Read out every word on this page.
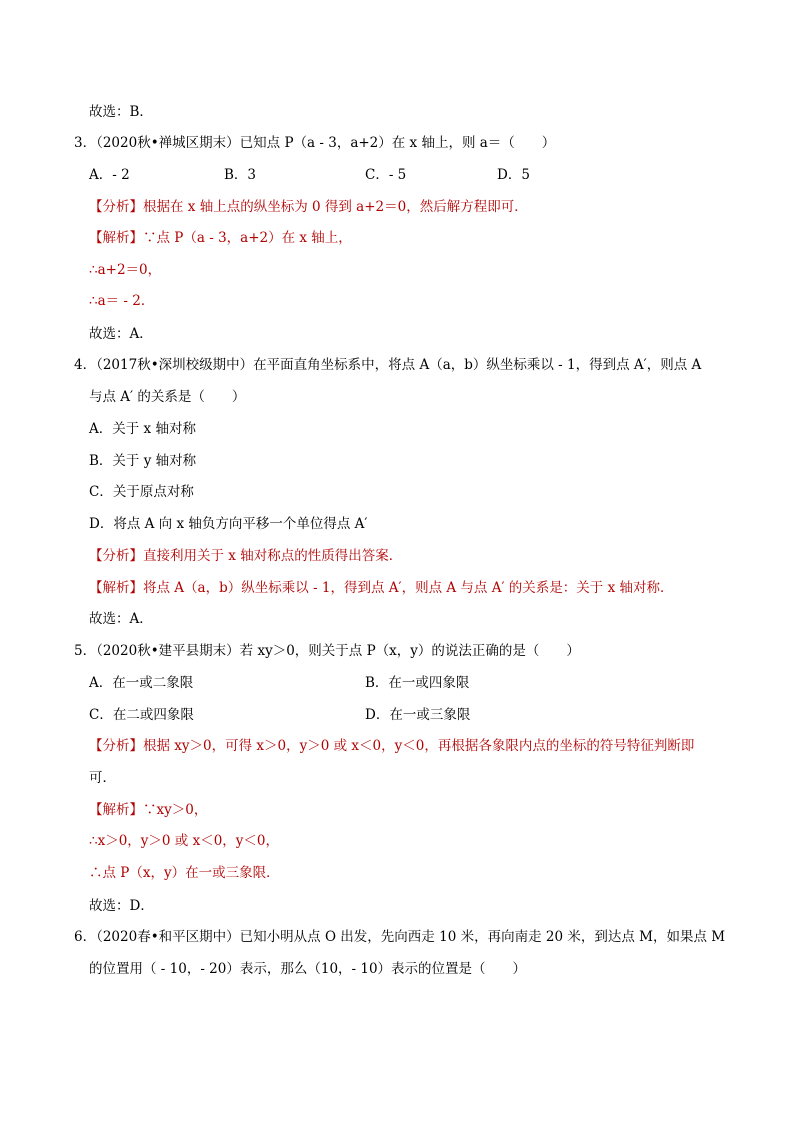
故选：B．
3．（2020秋•禅城区期末）已知点 P（a - 3，a+2）在 x 轴上，则 a＝（　　）
A．- 2	B．3	C．- 5	D．5
【分析】根据在 x 轴上点的纵坐标为 0 得到 a+2＝0，然后解方程即可．
【解析】∵点 P（a - 3，a+2）在 x 轴上，
∴a+2＝0，
∴a＝ - 2．
故选：A．
4．（2017秋•深圳校级期中）在平面直角坐标系中，将点 A（a，b）纵坐标乘以 - 1，得到点 A′，则点 A
与点 A′ 的关系是（　　）
A．关于 x 轴对称
B．关于 y 轴对称
C．关于原点对称
D．将点 A 向 x 轴负方向平移一个单位得点 A′
【分析】直接利用关于 x 轴对称点的性质得出答案．
【解析】将点 A（a，b）纵坐标乘以 - 1，得到点 A′，则点 A 与点 A′ 的关系是：关于 x 轴对称．
故选：A．
5．（2020秋•建平县期末）若 xy＞0，则关于点 P（x，y）的说法正确的是（　　）
A．在一或二象限	B．在一或四象限
C．在二或四象限	D．在一或三象限
【分析】根据 xy＞0，可得 x＞0，y＞0 或 x＜0，y＜0，再根据各象限内点的坐标的符号特征判断即
可．
【解析】∵xy＞0，
∴x＞0，y＞0 或 x＜0，y＜0，
∴点 P（x，y）在一或三象限．
故选：D．
6．（2020春•和平区期中）已知小明从点 O 出发，先向西走 10 米，再向南走 20 米，到达点 M，如果点 M
的位置用（ - 10，- 20）表示，那么（10，- 10）表示的位置是（　　）
